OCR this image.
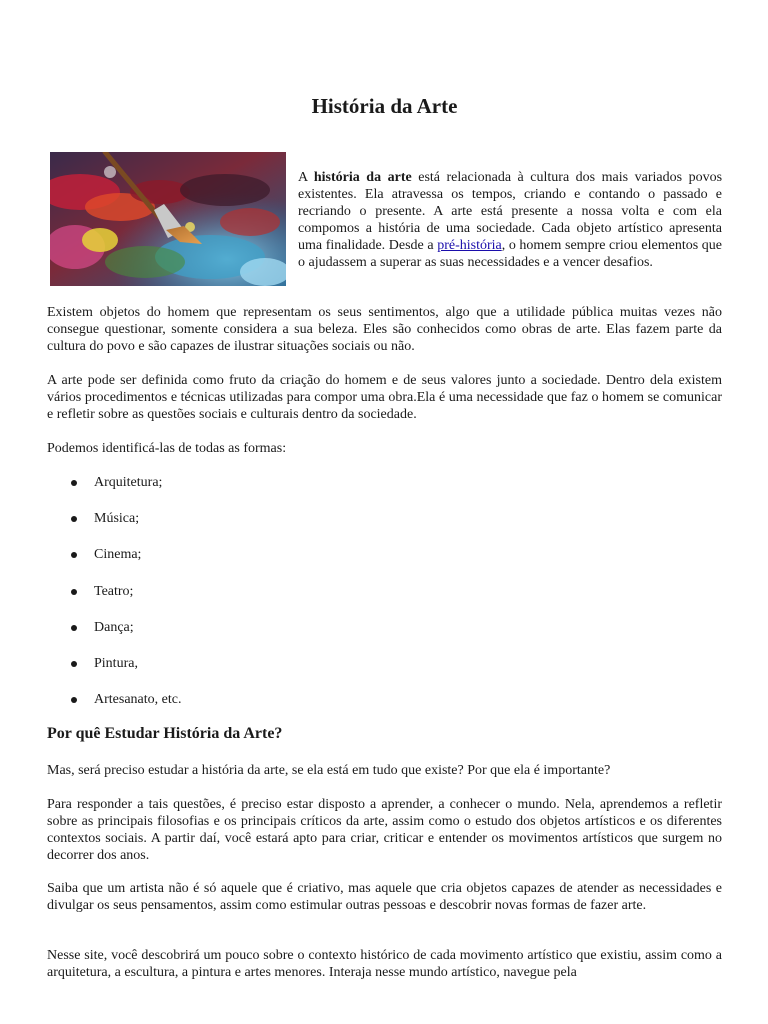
História da Arte

A história da arte está relacionada à cultura dos mais variados povos existentes. Ela atravessa os tempos, criando e contando o passado e recriando o presente. A arte está presente a nossa volta e com ela compomos a história de uma sociedade. Cada objeto artístico apresenta uma finalidade. Desde a pré-história, o homem sempre criou elementos que o ajudassem a superar as suas necessidades e a vencer desafios.

Existem objetos do homem que representam os seus sentimentos, algo que a utilidade pública muitas vezes não consegue questionar, somente considera a sua beleza. Eles são conhecidos como obras de arte. Elas fazem parte da cultura do povo e são capazes de ilustrar situações sociais ou não.

A arte pode ser definida como fruto da criação do homem e de seus valores junto a sociedade. Dentro dela existem vários procedimentos e técnicas utilizadas para compor uma obra.Ela é uma necessidade que faz o homem se comunicar e refletir sobre as questões sociais e culturais dentro da sociedade.

Podemos identificá-las de todas as formas:

Arquitetura;
Música;
Cinema;
Teatro;
Dança;
Pintura,
Artesanato, etc.
Por quê Estudar História da Arte?

Mas, será preciso estudar a história da arte, se ela está em tudo que existe? Por que ela é importante?

Para responder a tais questões, é preciso estar disposto a aprender, a conhecer o mundo. Nela, aprendemos a refletir sobre as principais filosofias e os principais críticos da arte, assim como o estudo dos objetos artísticos e os diferentes contextos sociais. A partir daí, você estará apto para criar, criticar e entender os movimentos artísticos que surgem no decorrer dos anos.

Saiba que um artista não é só aquele que é criativo, mas aquele que cria objetos capazes de atender as necessidades e divulgar os seus pensamentos, assim como estimular outras pessoas e descobrir novas formas de fazer arte.

Nesse site, você descobrirá um pouco sobre o contexto histórico de cada movimento artístico que existiu, assim como a arquitetura, a escultura, a pintura e artes menores. Interaja nesse mundo artístico, navegue pela
